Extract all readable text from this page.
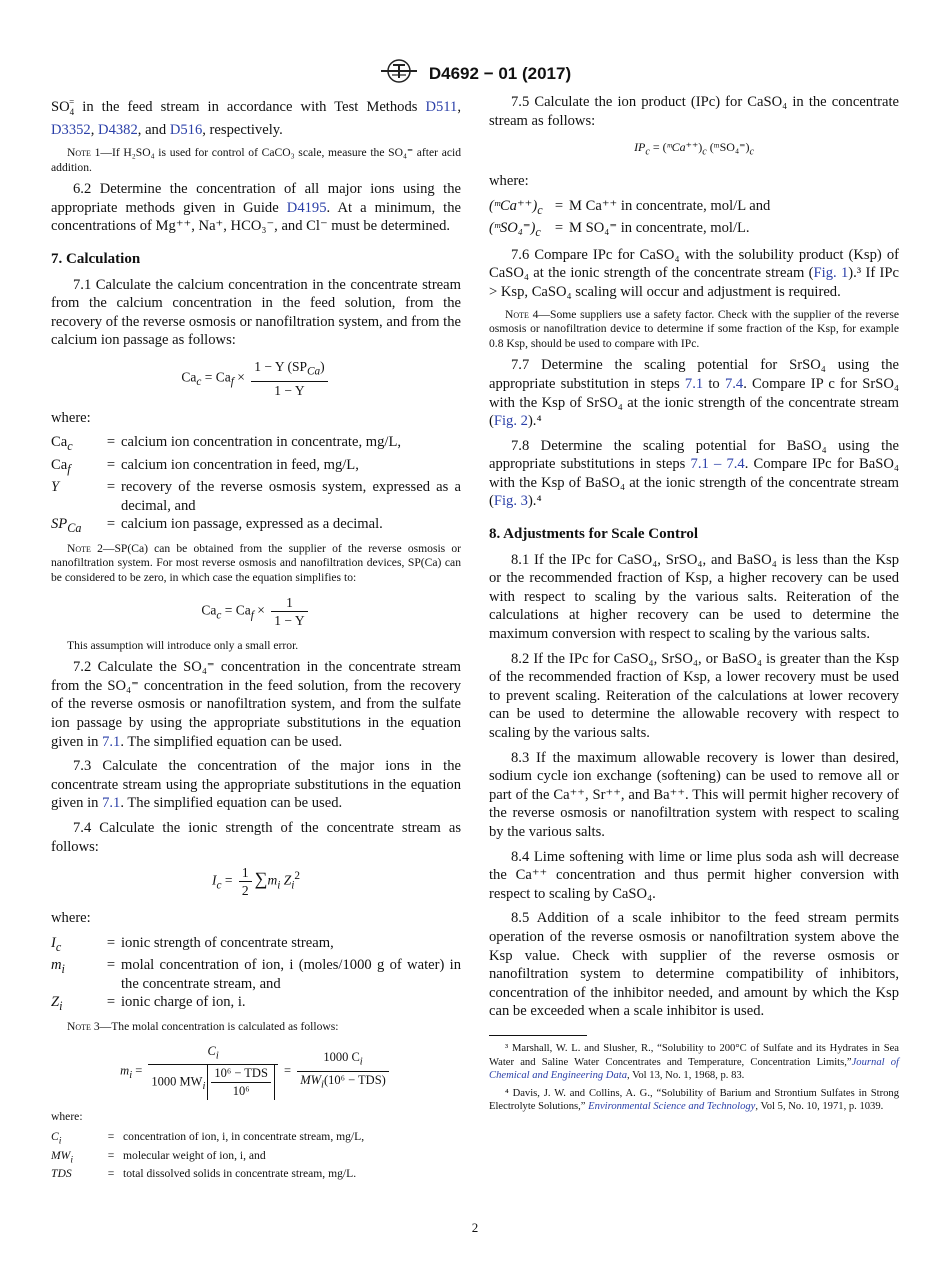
D4692 − 01 (2017)

$SO_4^=$ in the feed stream in accordance with Test Methods D511, D3352, D4382, and D516, respectively.

Note 1—If H₂SO₄ is used for control of CaCO₃ scale, measure the SO₄⁼ after acid addition.

6.2 Determine the concentration of all major ions using the appropriate methods given in Guide D4195. At a minimum, the concentrations of Mg⁺⁺, Na⁺, HCO₃⁻, and Cl⁻ must be determined.

7. Calculation

7.1 Calculate the calcium concentration in the concentrate stream from the calcium concentration in the feed solution, from the recovery of the reverse osmosis or nanofiltration system, and from the calcium ion passage as follows:

$Ca_c = Ca_f \times \frac{1 - Y (SP_{Ca})}{1 - Y}$

where:

$Ca_c$	=	calcium ion concentration in concentrate, mg/L,
$Ca_f$	=	calcium ion concentration in feed, mg/L,
Y	=	recovery of the reverse osmosis system, expressed as a decimal, and
$SP_{Ca}$	=	calcium ion passage, expressed as a decimal.

Note 2—SP(Ca) can be obtained from the supplier of the reverse osmosis or nanofiltration system. For most reverse osmosis and nanofiltration devices, SP(Ca) can be considered to be zero, in which case the equation simplifies to:

$Ca_c = Ca_f \times \frac{1}{1 - Y}$

This assumption will introduce only a small error.

7.2 Calculate the SO₄⁼ concentration in the concentrate stream from the SO₄⁼ concentration in the feed solution, from the recovery of the reverse osmosis or nanofiltration system, and from the sulfate ion passage by using the appropriate substitutions in the equation given in 7.1. The simplified equation can be used.

7.3 Calculate the concentration of the major ions in the concentrate stream using the appropriate substitutions in the equation given in 7.1. The simplified equation can be used.

7.4 Calculate the ionic strength of the concentrate stream as follows:

$I_c = \frac{1}{2} \sum m_i$ $Z_i^2$

where:

$I_c$	=	ionic strength of concentrate stream,
$m_i$	=	molal concentration of ion, i (moles/1000 g of water) in the concentrate stream, and
$Z_i$	=	ionic charge of ion, i.

Note 3—The molal concentration is calculated as follows:

$m_i = \frac{C_i}{1000 MW_i \frac{\text{10⁶ − TDS}}{\text{10⁶}}} = \frac{1000 C_i}{MW_i(10^6 - TDS)}$

where:

$C_i$	=	concentration of ion, i, in concentrate stream, mg/L,
$MW_i$	=	molecular weight of ion, i, and
TDS	=	total dissolved solids in concentrate stream, mg/L.

7.5 Calculate the ion product (IPc) for CaSO₄ in the concentrate stream as follows:

$IP_c$ = $(ᵐCa^{++})_c$ $(ᵐSO_4^=)_c$

where:

$(ᵐCa^{++})_c$	=	M Ca⁺⁺ in concentrate, mol/L and
$(ᵐSO_4^=)_c$	=	M SO₄⁼ in concentrate, mol/L.

7.6 Compare IPc for CaSO₄ with the solubility product (Ksp) of CaSO₄ at the ionic strength of the concentrate stream (Fig. 1).³ If IPc > Ksp, CaSO₄ scaling will occur and adjustment is required.

Note 4—Some suppliers use a safety factor. Check with the supplier of the reverse osmosis or nanofiltration device to determine if some fraction of the Ksp, for example 0.8 Ksp, should be used to compare with IPc.

7.7 Determine the scaling potential for SrSO₄ using the appropriate substitution in steps 7.1 to 7.4. Compare IP c for SrSO₄ with the Ksp of SrSO₄ at the ionic strength of the concentrate stream (Fig. 2).⁴

7.8 Determine the scaling potential for BaSO₄ using the appropriate substitutions in steps 7.1 – 7.4. Compare IPc for BaSO₄ with the Ksp of BaSO₄ at the ionic strength of the concentrate stream (Fig. 3).⁴

8. Adjustments for Scale Control

8.1 If the IPc for CaSO₄, SrSO₄, and BaSO₄ is less than the Ksp or the recommended fraction of Ksp, a higher recovery can be used with respect to scaling by the various salts. Reiteration of the calculations at higher recovery can be used to determine the maximum conversion with respect to scaling by the various salts.

8.2 If the IPc for CaSO₄, SrSO₄, or BaSO₄ is greater than the Ksp of the recommended fraction of Ksp, a lower recovery must be used to prevent scaling. Reiteration of the calculations at lower recovery can be used to determine the allowable recovery with respect to scaling by the various salts.

8.3 If the maximum allowable recovery is lower than desired, sodium cycle ion exchange (softening) can be used to remove all or part of the Ca⁺⁺, Sr⁺⁺, and Ba⁺⁺. This will permit higher recovery of the reverse osmosis or nanofiltration system with respect to scaling by the various salts.

8.4 Lime softening with lime or lime plus soda ash will decrease the Ca⁺⁺ concentration and thus permit higher conversion with respect to scaling by CaSO₄.

8.5 Addition of a scale inhibitor to the feed stream permits operation of the reverse osmosis or nanofiltration system above the Ksp value. Check with supplier of the reverse osmosis or nanofiltration system to determine compatibility of inhibitors, concentration of the inhibitor needed, and amount by which the Ksp can be exceeded when a scale inhibitor is used.

³ Marshall, W. L. and Slusher, R., “Solubility to 200°C of Sulfate and its Hydrates in Sea Water and Saline Water Concentrates and Temperature, Concentration Limits,”Journal of Chemical and Engineering Data, Vol 13, No. 1, 1968, p. 83.

⁴ Davis, J. W. and Collins, A. G., “Solubility of Barium and Strontium Sulfates in Strong Electrolyte Solutions,” Environmental Science and Technology, Vol 5, No. 10, 1971, p. 1039.

2
